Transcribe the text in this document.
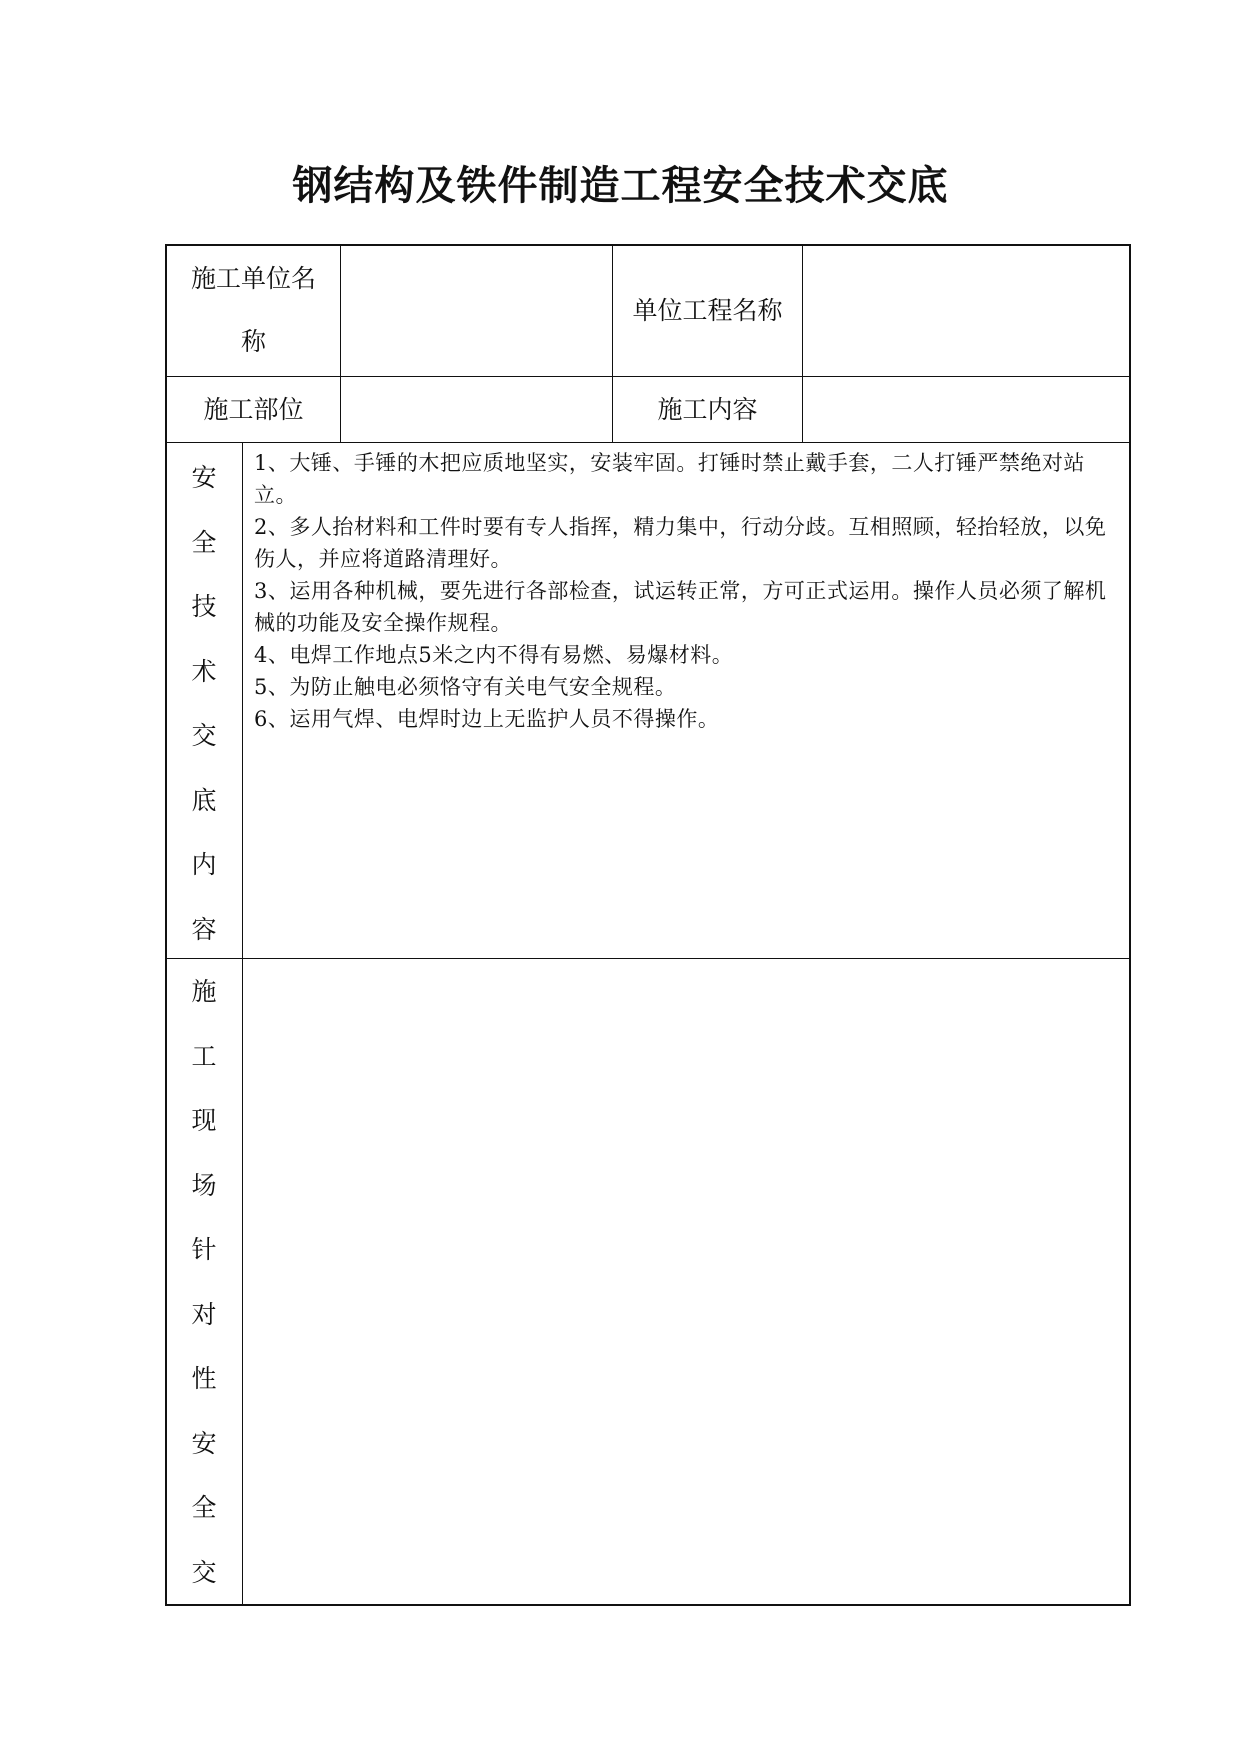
钢结构及铁件制造工程安全技术交底
施工单位名
称
单位工程名称
施工部位	施工内容
安
全
技
术
交
底
内
容
1、大锤、手锤的木把应质地坚实，安装牢固。打锤时禁止戴手套，二人打锤严禁绝对站立。
2、多人抬材料和工件时要有专人指挥，精力集中，行动分歧。互相照顾，轻抬轻放，以免伤人，并应将道路清理好。
3、运用各种机械，要先进行各部检查，试运转正常，方可正式运用。操作人员必须了解机械的功能及安全操作规程。
4、电焊工作地点5米之内不得有易燃、易爆材料。
5、为防止触电必须恪守有关电气安全规程。
6、运用气焊、电焊时边上无监护人员不得操作。
施
工
现
场
针
对
性
安
全
交
